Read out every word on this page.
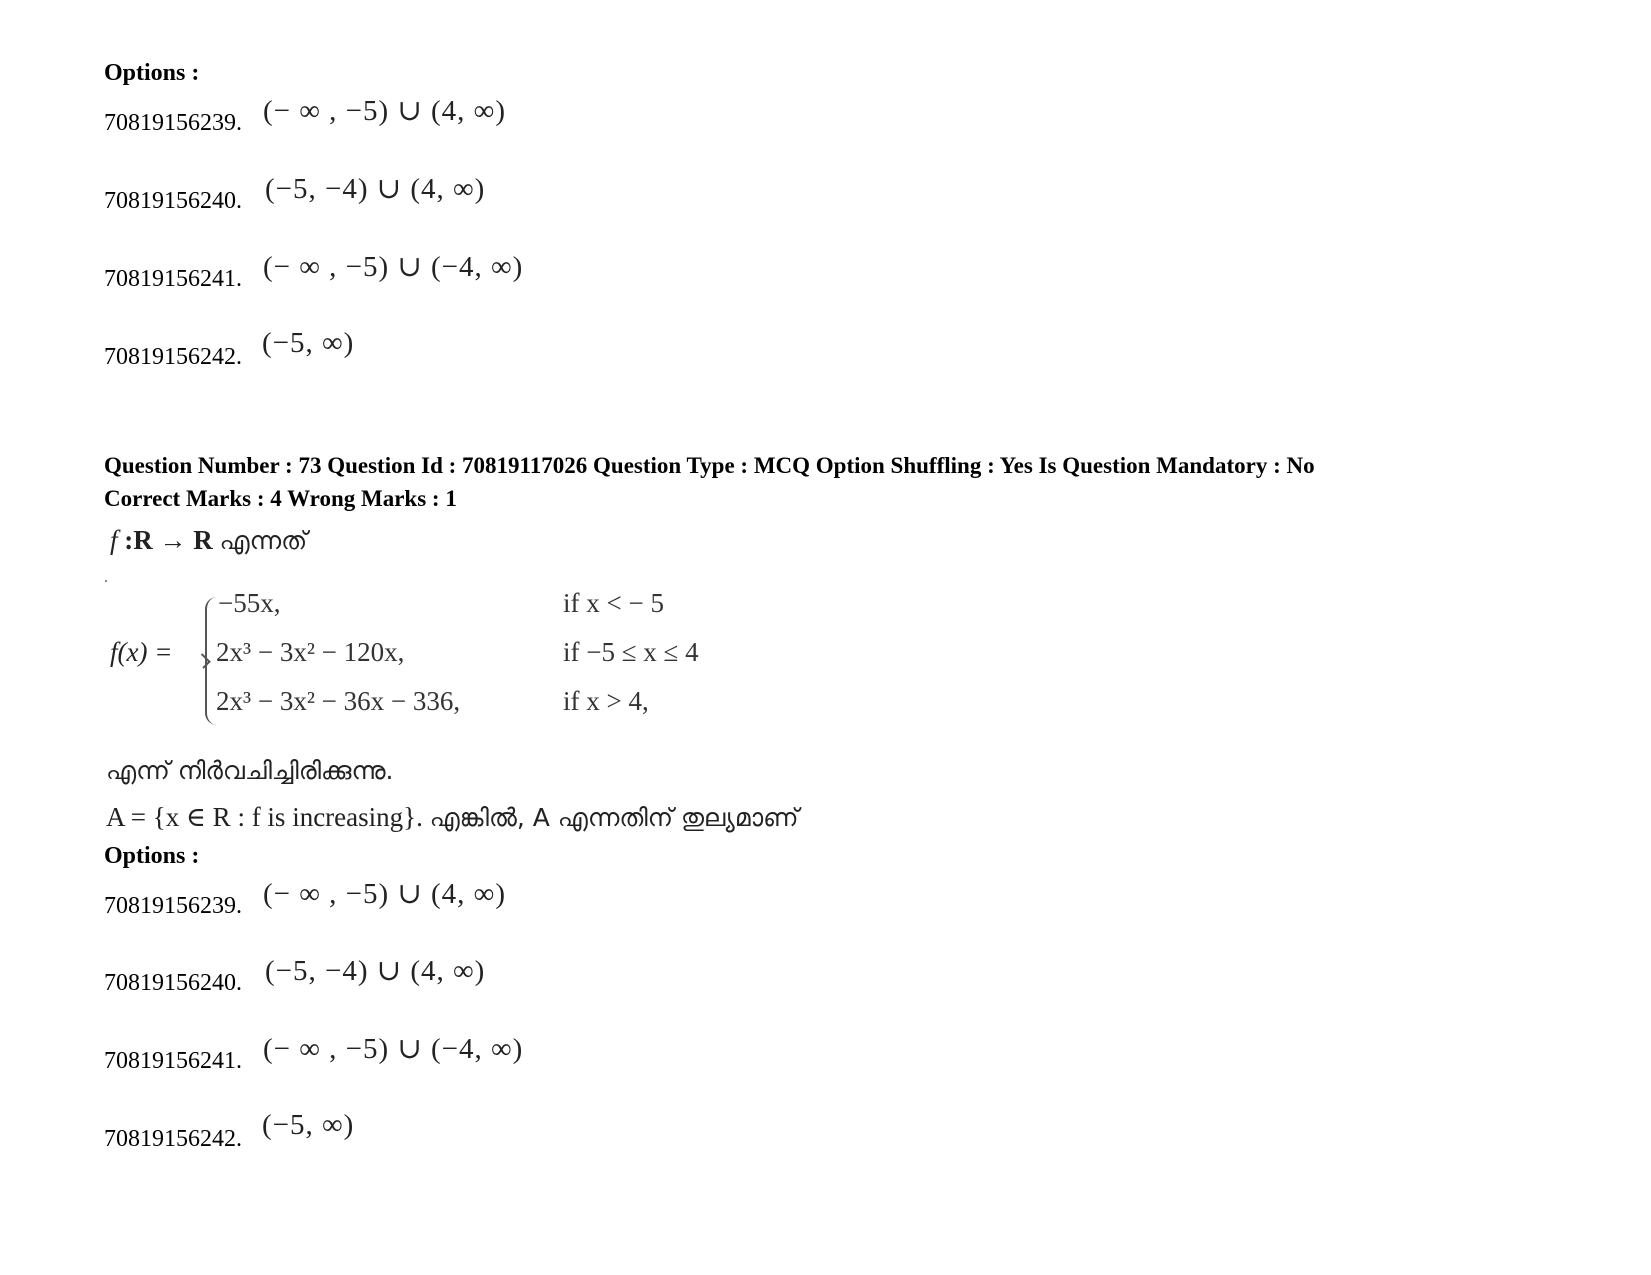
Options :
70819156239. (− ∞ , −5) ∪ (4, ∞)
70819156240. (−5, −4) ∪ (4, ∞)
70819156241. (− ∞ , −5) ∪ (−4, ∞)
70819156242. (−5, ∞)
Question Number : 73 Question Id : 70819117026 Question Type : MCQ Option Shuffling : Yes Is Question Mandatory : No
Correct Marks : 4 Wrong Marks : 1
f :R → R എന്നത്
f(x) =
−55x,	if x < − 5
2x³ − 3x² − 120x,	if −5 ≤ x ≤ 4
2x³ − 3x² − 36x − 336,	if x > 4,
എന്ന് നിർവചിച്ചിരിക്കുന്നു.
A = {x ∈ R : f is increasing}. എങ്കിൽ, A എന്നതിന് തുല്യമാണ്
Options :
70819156239. (− ∞ , −5) ∪ (4, ∞)
70819156240. (−5, −4) ∪ (4, ∞)
70819156241. (− ∞ , −5) ∪ (−4, ∞)
70819156242. (−5, ∞)
